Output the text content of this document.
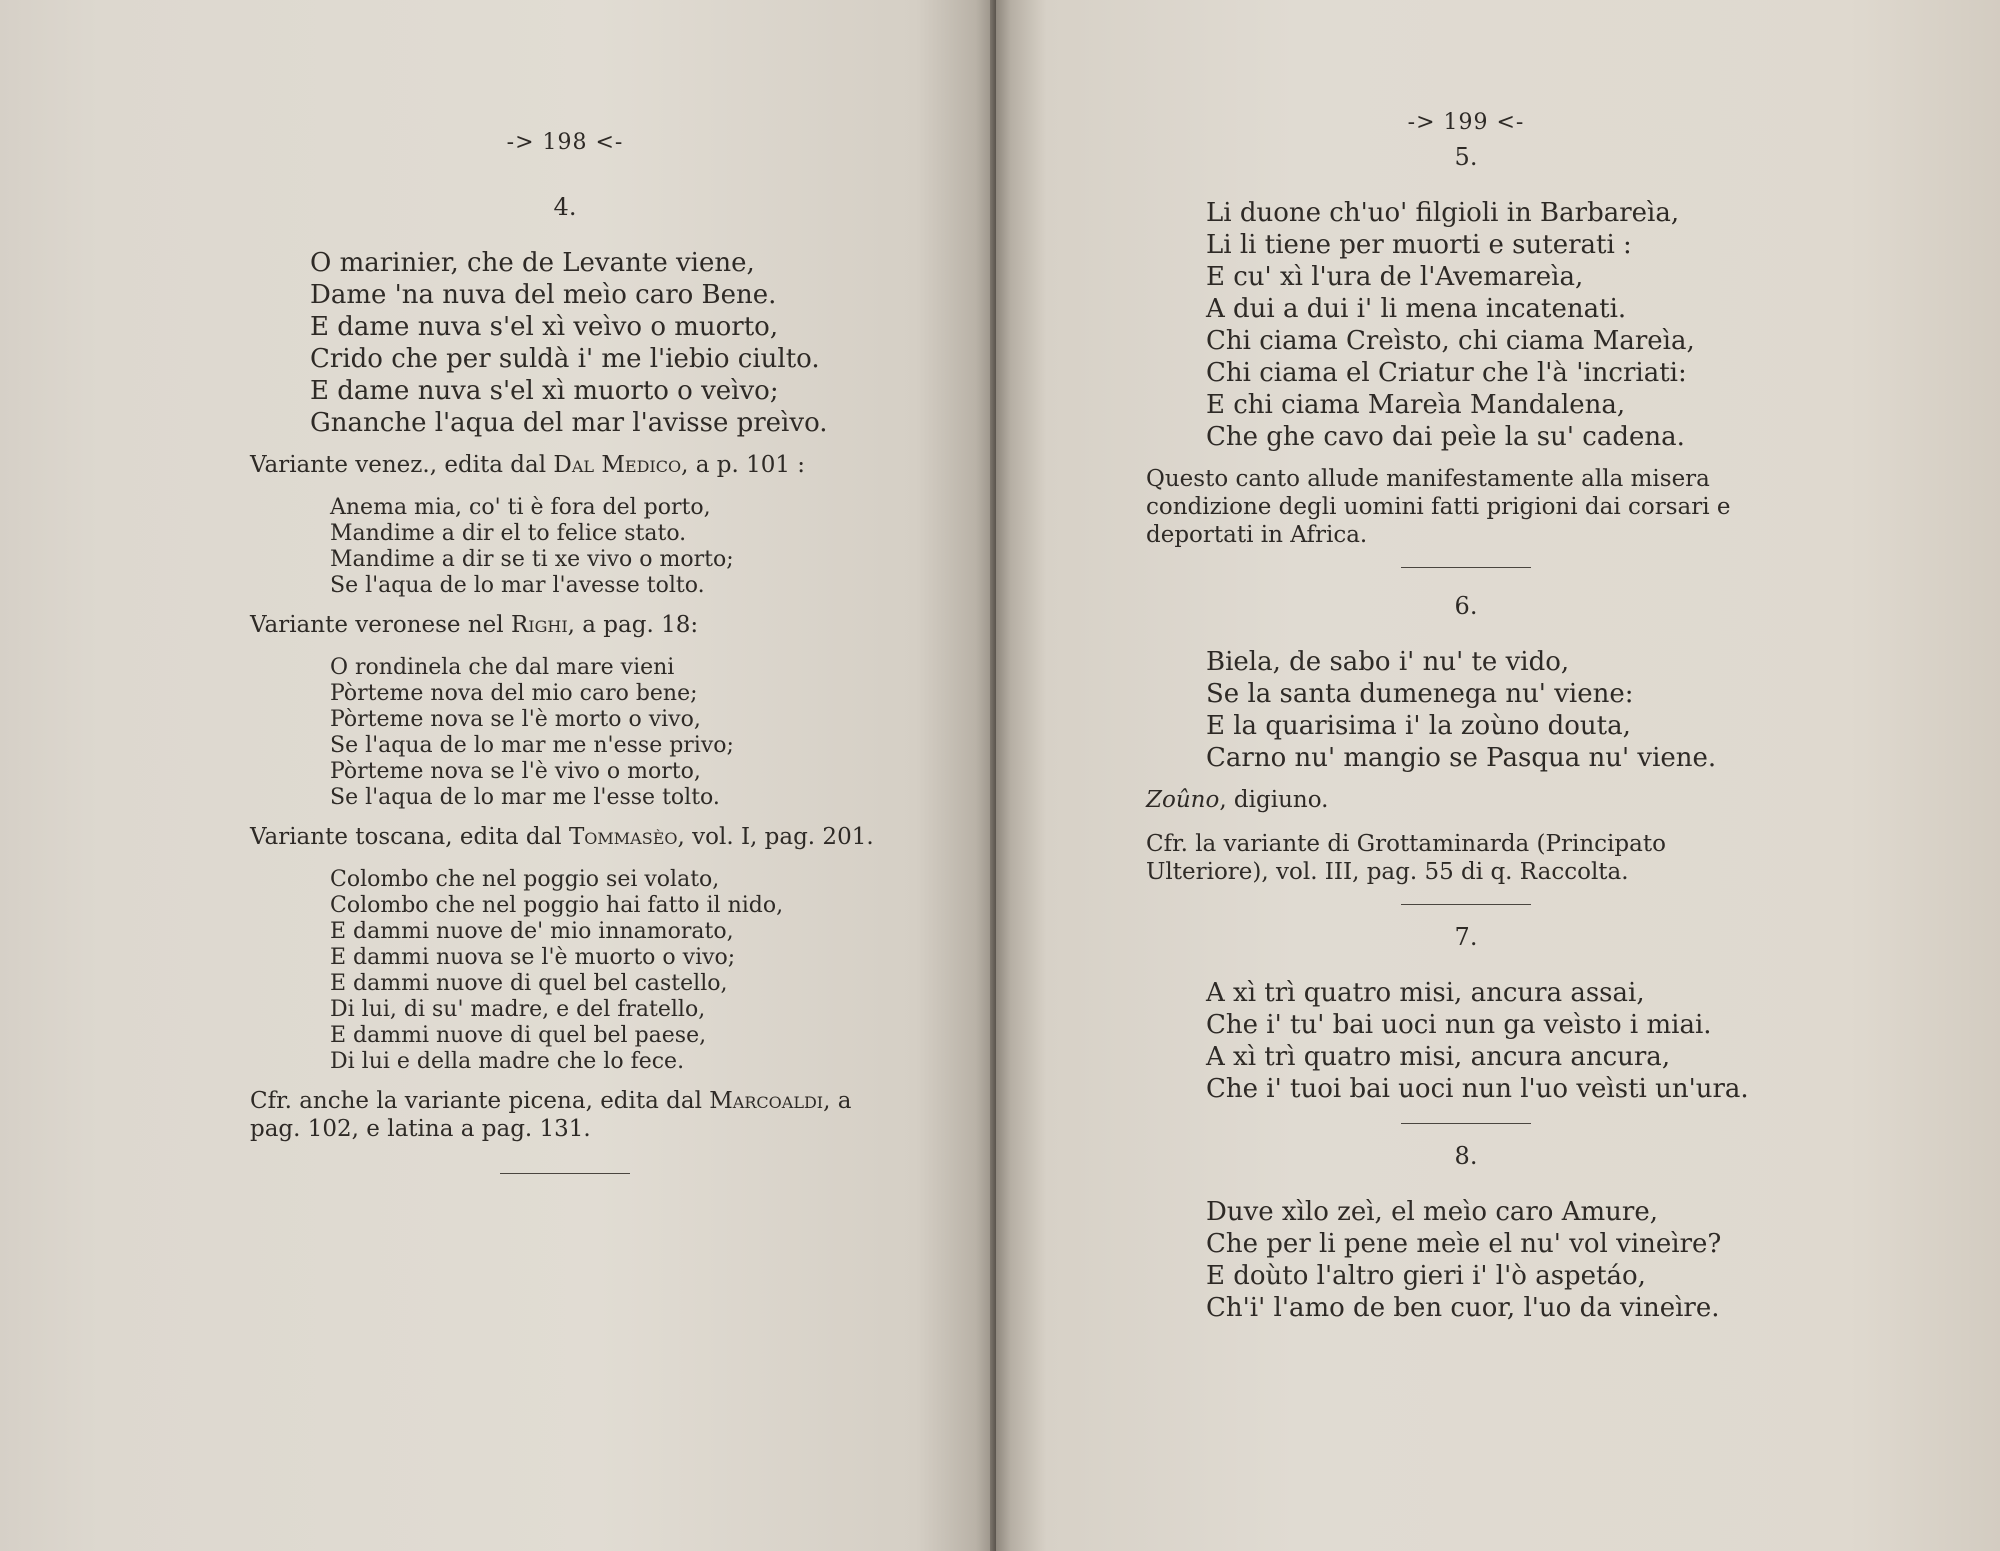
-> 198 <-
4.
O marinier, che de Levante viene,
Dame 'na nuva del meìo caro Bene.
E dame nuva s'el xì veìvo o muorto,
Crido che per suldà i' me l'iebio ciulto.
E dame nuva s'el xì muorto o veìvo;
Gnanche l'aqua del mar l'avisse preìvo.
Variante venez., edita dal Dal Medico, a p. 101 :
Anema mia, co' ti è fora del porto,
Mandime a dir el to felice stato.
Mandime a dir se ti xe vivo o morto;
Se l'aqua de lo mar l'avesse tolto.
Variante veronese nel Righi, a pag. 18:
O rondinela che dal mare vieni
Pòrteme nova del mio caro bene;
Pòrteme nova se l'è morto o vivo,
Se l'aqua de lo mar me n'esse privo;
Pòrteme nova se l'è vivo o morto,
Se l'aqua de lo mar me l'esse tolto.
Variante toscana, edita dal Tommasèo, vol. I, pag. 201.
Colombo che nel poggio sei volato,
Colombo che nel poggio hai fatto il nido,
E dammi nuove de' mio innamorato,
E dammi nuova se l'è muorto o vivo;
E dammi nuove di quel bel castello,
Di lui, di su' madre, e del fratello,
E dammi nuove di quel bel paese,
Di lui e della madre che lo fece.
Cfr. anche la variante picena, edita dal Marcoaldi, a pag. 102, e latina a pag. 131.
-> 199 <-
5.
Li duone ch'uo' filgioli in Barbareìa,
Li li tiene per muorti e suterati :
E cu' xì l'ura de l'Avemareìa,
A dui a dui i' li mena incatenati.
Chi ciama Creìsto, chi ciama Mareìa,
Chi ciama el Criatur che l'à 'incriati:
E chi ciama Mareìa Mandalena,
Che ghe cavo dai peìe la su' cadena.
Questo canto allude manifestamente alla misera condizione degli uomini fatti prigioni dai corsari e deportati in Africa.
6.
Biela, de sabo i' nu' te vido,
Se la santa dumenega nu' viene:
E la quarisima i' la zoùno douta,
Carno nu' mangio se Pasqua nu' viene.
Zoûno, digiuno.
Cfr. la variante di Grottaminarda (Principato Ulteriore), vol. III, pag. 55 di q. Raccolta.
7.
A xì trì quatro misi, ancura assai,
Che i' tu' bai uoci nun ga veìsto i miai.
A xì trì quatro misi, ancura ancura,
Che i' tuoi bai uoci nun l'uo veìsti un'ura.
8.
Duve xìlo zeì, el meìo caro Amure,
Che per li pene meìe el nu' vol vineìre?
E doùto l'altro gieri i' l'ò aspetáo,
Ch'i' l'amo de ben cuor, l'uo da vineìre.
